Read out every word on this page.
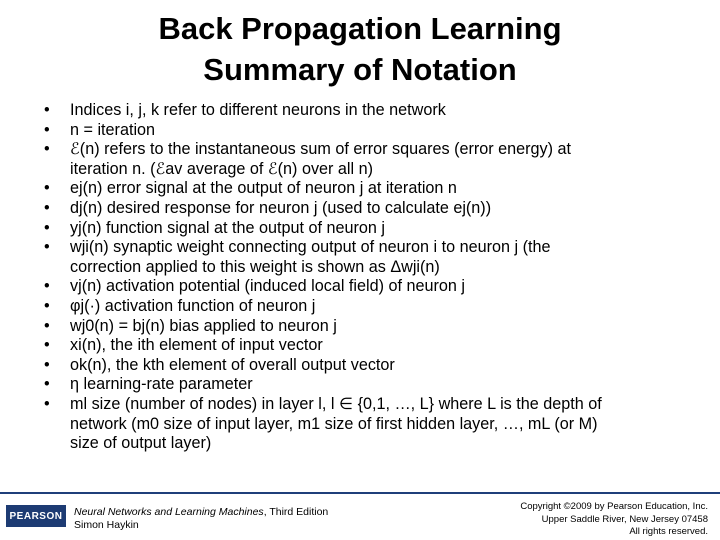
Back Propagation Learning
Summary of Notation
• Indices i, j, k refer to different neurons in the network
• n = iteration
• ℰ(n) refers to the instantaneous sum of error squares (error energy) at
iteration n. (ℰav average of ℰ(n) over all n)
• ej(n) error signal at the output of neuron j at iteration n
• dj(n) desired response for neuron j (used to calculate ej(n))
• yj(n) function signal at the output of neuron j
• wji(n) synaptic weight connecting output of neuron i to neuron j (the
correction applied to this weight is shown as Δwji(n)
• vj(n) activation potential (induced local field) of neuron j
• φj(·) activation function of neuron j
• wj0(n) = bj(n) bias applied to neuron j
• xi(n), the ith element of input vector
• ok(n), the kth element of overall output vector
• η learning-rate parameter
• ml size (number of nodes) in layer l, l ∈ {0,1, …, L} where L is the depth of
network (m0 size of input layer, m1 size of first hidden layer, …, mL (or M)
size of output layer)
PEARSON	Neural Networks and Learning Machines, Third Edition
Simon Haykin
Copyright ©2009 by Pearson Education, Inc.
Upper Saddle River, New Jersey 07458
All rights reserved.
